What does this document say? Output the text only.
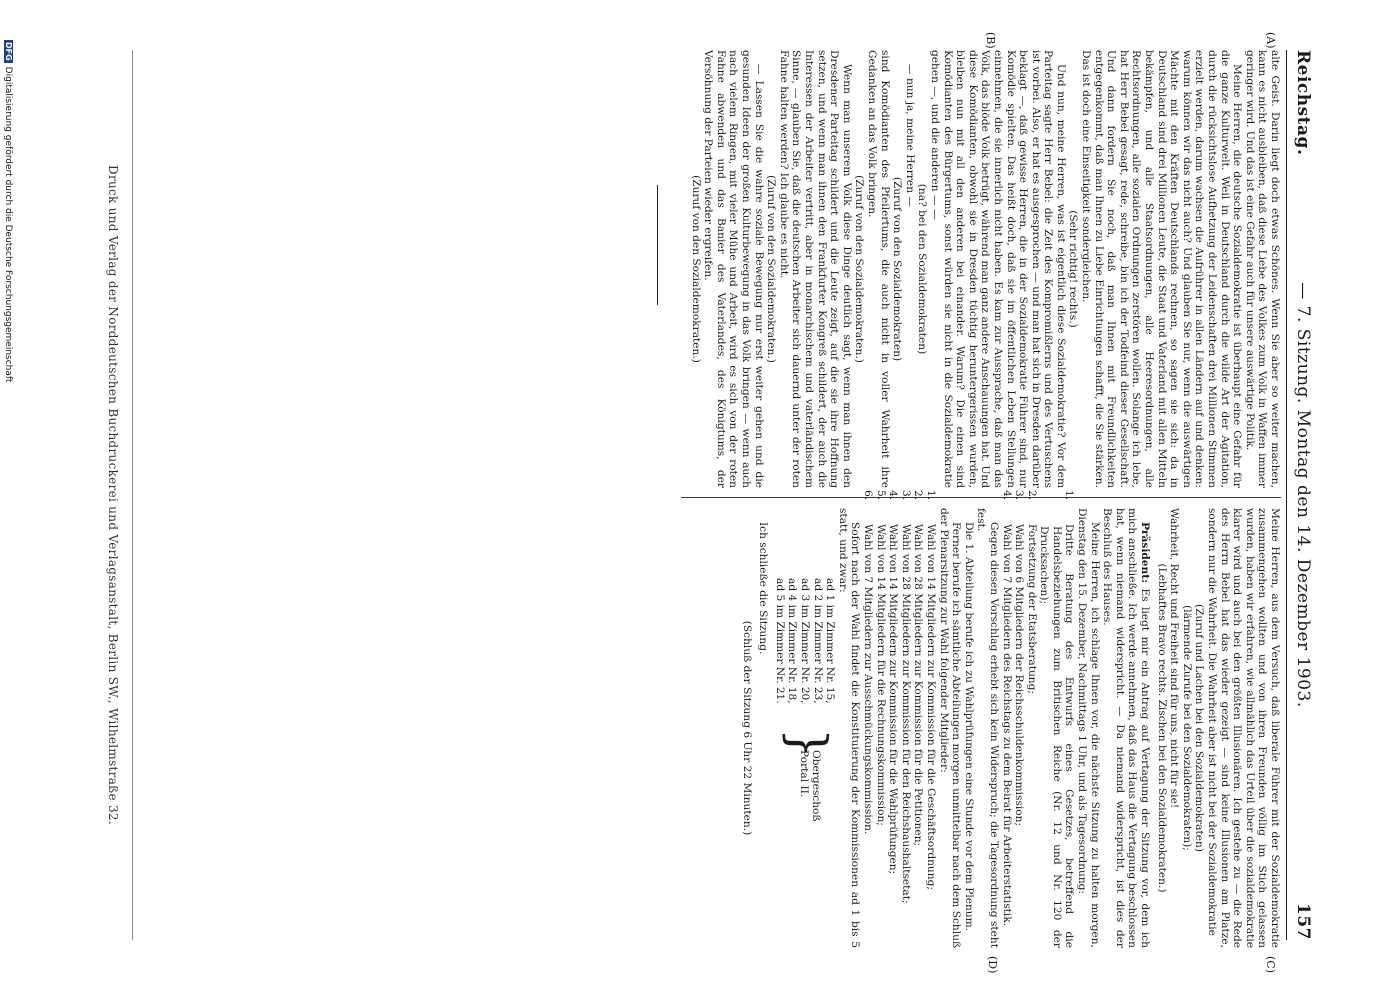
Reichstag.
— 7. Sitzung. Montag den 14. Dezember 1903.
157
(A)
(B)
(C)
(D)

alte Geist. Darin liegt doch etwas Schönes. Wenn Sie aber so weiter machen, kann es nicht ausbleiben, daß diese Liebe des Volkes zum Volk in Waffen immer geringer wird. Und das ist eine Gefahr auch für unsere auswärtige Politik.

Meine Herren, die deutsche Sozialdemokratie ist überhaupt eine Gefahr für die ganze Kulturwelt. Weil in Deutschland durch die wilde Art der Agitation, durch die rücksichtslose Aufhetzung der Leidenschaften drei Millionen Stimmen erzielt werden, darum wachsen die Aufrührer in allen Ländern auf und denken: warum können wir das nicht auch? Und glauben Sie nur, wenn die auswärtigen Mächte mit den Kräften Deutschlands rechnen, so sagen sie sich: da in Deutschland sind drei Millionen Leute, die Staat und Vaterland mit allen Mitteln bekämpfen, und alle Staatsordnungen, alle Heeresordnungen, alle Rechtsordnungen, alle sozialen Ordnungen zerstören wollen. Solange ich lebe, hat Herr Bebel gesagt, rede, schreibe, bin ich der Todfeind dieser Gesellschaft. Und dann fordern Sie noch, daß man Ihnen mit Freundlichkeiten entgegenkommt, daß man Ihnen zu Liebe Einrichtungen schafft, die Sie stärken. Das ist doch eine Einseitigkeit sondergleichen.

(Sehr richtig! rechts.)

Und nun, meine Herren, was ist eigentlich diese Sozialdemokratie? Vor dem Parteitag sagte Herr Bebel: die Zeit des Kompromißlerns und des Vertuschens ist vorbei. Also, er hat es ausgesprochen — und man hat sich in Dresden darüber beklagt —, daß gewisse Herren, die in der Sozialdemokratie Führer sind, nur Komödie spielten. Das heißt doch, daß sie im öffentlichen Leben Stellungen einnehmen, die sie innerlich nicht haben. Es kam zur Aussprache, daß man das Volk, das blöde Volk betrügt, während man ganz andere Anschauungen hat. Und diese Komödianten, obwohl sie in Dresden tüchtig heruntergerissen wurden, bleiben nun mit all den anderen bei einander. Warum? Die einen sind Komödianten des Bürgertums, sonst würden sie nicht in die Sozialdemokratie gehen —, und die anderen — —

(na? bei den Sozialdemokraten)

— nun ja, meine Herren —

(Zuruf von den Sozialdemokraten)

sind Komödianten des Pfeilertums, die auch nicht in voller Wahrheit ihre Gedanken an das Volk bringen.

(Zuruf von den Sozialdemokraten.)

Wenn man unserem Volk diese Dinge deutlich sagt, wenn man ihnen den Dresdener Parteitag schildert und die Leute zeigt, auf die sie ihre Hoffnung setzen, und wenn man ihnen den Frankfurter Kongreß schildert, der auch die Interessen der Arbeiter vertritt, aber in monarchischem und vaterländischem Sinne, — glauben Sie, daß die deutschen Arbeiter sich dauernd unter der roten Fahne halten werden? Ich glaube es nicht.

(Zuruf von den Sozialdemokraten.)

— Lassen Sie die wahre soziale Bewegung nur erst weiter gehen und die gesunden Ideen der großen Kulturbewegung in das Volk bringen — wenn auch nach vielem Ringen, mit vieler Mühe und Arbeit, wird es sich von der roten Fahne abwenden und das Banier des Vaterlandes, des Königtums, der Versöhnung der Parteien wieder ergreifen.

(Zuruf von den Sozialdemokraten.)

Meine Herren, aus dem Versuch, daß liberale Führer mit der Sozialdemokratie zusammengehen wollten und von ihren Freunden völlig im Stich gelassen wurden, haben wir erfahren, wie allmählich das Urteil über die sozialdemokratie klarer wird und auch bei den größten Illusionären. Ich gestehe zu — die Rede des Herrn Bebel hat das wieder gezeigt — sind keine Illusionen am Platze, sondern nur die Wahrheit. Die Wahrheit aber ist nicht bei der Sozialdemokratie

(Zuruf und Lachen bei den Sozialdemokraten)

(lärmende Zurufe bei den Sozialdemokraten);

Wahrheit, Recht und Freiheit sind für uns, nicht für sie!

(Lebhaftes Bravo rechts. Zischen bei den Sozialdemokraten.)

Präsident: Es liegt mir ein Antrag auf Vertagung der Sitzung vor, dem ich mich anschließe. Ich werde annehmen, daß das Haus die Vertagung beschlossen hat, wenn niemand widerspricht. — Da niemand widerspricht, ist dies der Beschluß des Hauses.

Meine Herren, ich schlage Ihnen vor, die nächste Sitzung zu halten morgen, Dienstag den 15. Dezember, Nachmittags 1 Uhr, und als Tagesordnung:

1.Dritte Beratung des Entwurfs eines Gesetzes, betreffend die Handelsbeziehungen zum Britischen Reiche (Nr. 12 und Nr. 120 der Drucksachen);

2.Fortsetzung der Etatsberatung;

3.Wahl von 6 Mitgliedern der Reichsschuldenkommission;

4.Wahl von 7 Mitgliedern des Reichstags zu dem Beirat für Arbeiterstatistik.

Gegen diesen Vorschlag erhebt sich kein Widerspruch; die Tagesordnung steht fest.

Die 1. Abteilung berufe ich zu Wahlprüfungen eine Stunde vor dem Plenum.

Ferner berufe ich sämtliche Abteilungen morgen unmittelbar nach dem Schluß der Plenarsitzung zur Wahl folgender Mitglieder:

1.Wahl von 14 Mitgliedern zur Kommission für die Geschäftsordnung;

2.Wahl von 28 Mitgliedern zur Kommission für die Petitionen;

3.Wahl von 28 Mitgliedern zur Kommission für den Reichshaushaltsetat;

4.Wahl von 14 Mitgliedern zur Kommission für die Wahlprüfungen;

5.Wahl von 14 Mitgliedern für die Rechnungskommission;

6.Wahl von 7 Mitgliedern zur Ausschmückungskommission.

Sofort nach der Wahl findet die Konstituierung der Kommissionen ad 1 bis 5 statt, und zwar:

ad 1 im Zimmer Nr. 15,
ad 2 im Zimmer Nr. 23,
ad 3 im Zimmer Nr. 20,
ad 4 im Zimmer Nr. 18,
ad 5 im Zimmer Nr. 21.
}
Obergeschoß
Portal II.

Ich schließe die Sitzung.

(Schluß der Sitzung 6 Uhr 22 Minuten.)

Druck und Verlag der Norddeutschen Buchdruckerei und Verlagsanstalt, Berlin SW., Wilhelmstraße 32.
DFGDigitalisierung gefördert durch die Deutsche Forschungsgemeinschaft
